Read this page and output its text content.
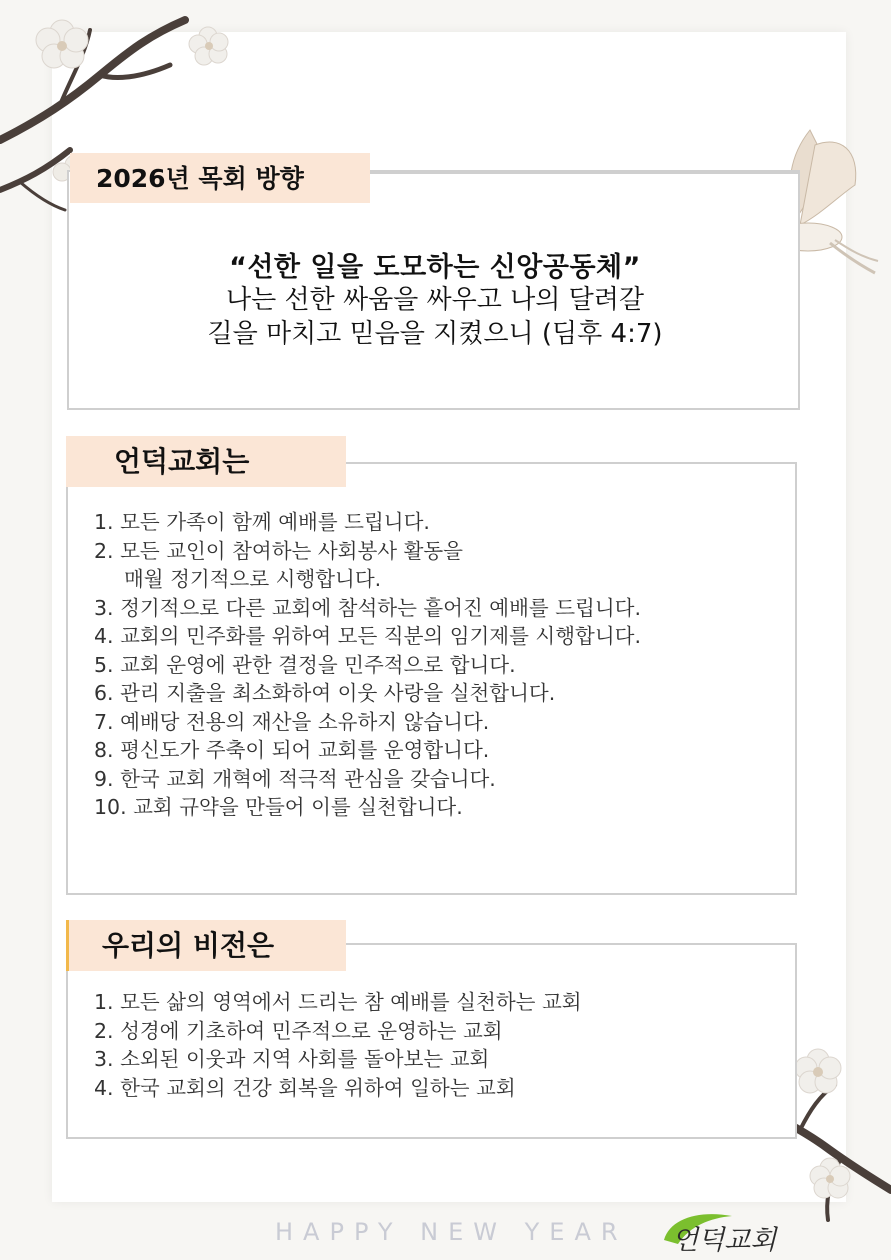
2026년 목회 방향
“선한 일을 도모하는 신앙공동체”
나는 선한 싸움을 싸우고 나의 달려갈
길을 마치고 믿음을 지켰으니 (딤후 4:7)
언덕교회는
1. 모든 가족이 함께 예배를 드립니다.
2. 모든 교인이 참여하는 사회봉사 활동을
매월 정기적으로 시행합니다.
3. 정기적으로 다른 교회에 참석하는 흩어진 예배를 드립니다.
4. 교회의 민주화를 위하여 모든 직분의 임기제를 시행합니다.
5. 교회 운영에 관한 결정을 민주적으로 합니다.
6. 관리 지출을 최소화하여 이웃 사랑을 실천합니다.
7. 예배당 전용의 재산을 소유하지 않습니다.
8. 평신도가 주축이 되어 교회를 운영합니다.
9. 한국 교회 개혁에 적극적 관심을 갖습니다.
10. 교회 규약을 만들어 이를 실천합니다.
우리의 비전은
1. 모든 삶의 영역에서 드리는 참 예배를 실천하는 교회
2. 성경에 기초하여 민주적으로 운영하는 교회
3. 소외된 이웃과 지역 사회를 돌아보는 교회
4. 한국 교회의 건강 회복을 위하여 일하는 교회
HAPPY NEW YEAR 언덕교회
